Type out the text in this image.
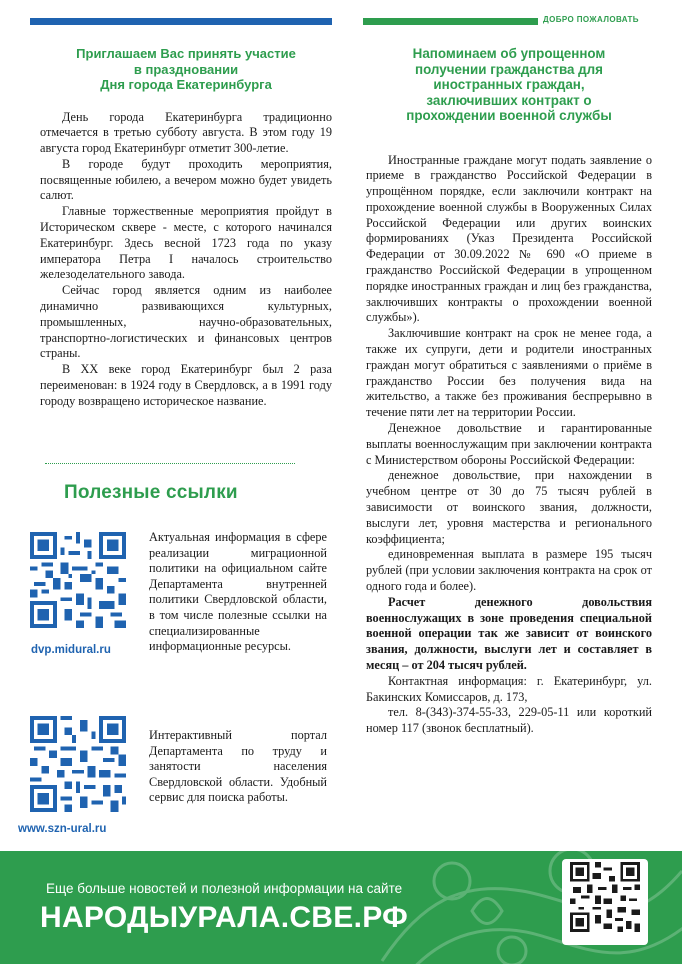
ДОБРО ПОЖАЛОВАТЬ
Приглашаем Вас принять участие
в праздновании
Дня города Екатеринбурга

День города Екатеринбурга традиционно отмечается в третью субботу августа. В этом году 19 августа город Екатеринбург отметит 300-летие.

В городе будут проходить мероприятия, посвященные юбилею, а вечером можно будет увидеть салют.

Главные торжественные мероприятия пройдут в Историческом сквере - месте, с которого начинался Екатеринбург. Здесь весной 1723 года по указу императора Петра I началось строительство железоделательного завода.

Сейчас город является одним из наиболее динамично развивающихся культурных, промышленных, научно-образовательных, транспортно-логистических и финансовых центров страны.

В XX веке город Екатеринбург был 2 раза переименован: в 1924 году в Свердловск, а в 1991 году городу возвращено историческое название.

Полезные ссылки
dvp.midural.ru
Актуальная информация в сфере реализации миграционной политики на официальном сайте Департамента внутренней политики Свердловской области, в том числе полезные ссылки на специализированные информационные ресурсы.
www.szn-ural.ru
Интерактивный портал Департамента по труду и занятости населения Свердловской области. Удобный сервис для поиска работы.
Напоминаем об упрощенном
получении гражданства для
иностранных граждан,
заключивших контракт о
прохождении военной службы

Иностранные граждане могут подать заявление о приеме в гражданство Российской Федерации в упрощённом порядке, если заключили контракт на прохождение военной службы в Вооруженных Силах Российской Федерации или других воинских формированиях (Указ Президента Российской Федерации от 30.09.2022 № 690 «О приеме в гражданство Российской Федерации в упрощенном порядке иностранных граждан и лиц без гражданства, заключивших контракты о прохождении военной службы»).

Заключившие контракт на срок не менее года, а также их супруги, дети и родители иностранных граждан могут обратиться с заявлениями о приёме в гражданство России без получения вида на жительство, а также без проживания беспрерывно в течение пяти лет на территории России.

Денежное довольствие и гарантированные выплаты военнослужащим при заключении контракта с Министерством обороны Российской Федерации:

денежное довольствие, при нахождении в учебном центре от 30 до 75 тысяч рублей в зависимости от воинского звания, должности, выслуги лет, уровня мастерства и регионального коэффициента;

единовременная выплата в размере 195 тысяч рублей (при условии заключения контракта на срок от одного года и более).

Расчет денежного довольствия военнослужащих в зоне проведения специальной военной операции так же зависит от воинского звания, должности, выслуги лет и составляет в месяц – от 204 тысяч рублей.

Контактная информация: г. Екатеринбург, ул. Бакинских Комиссаров, д. 173,

тел. 8-(343)-374-55-33, 229-05-11 или короткий номер 117 (звонок бесплатный).

Еще больше новостей и полезной информации на сайте
НАРОДЫУРАЛА.СВЕ.РФ
